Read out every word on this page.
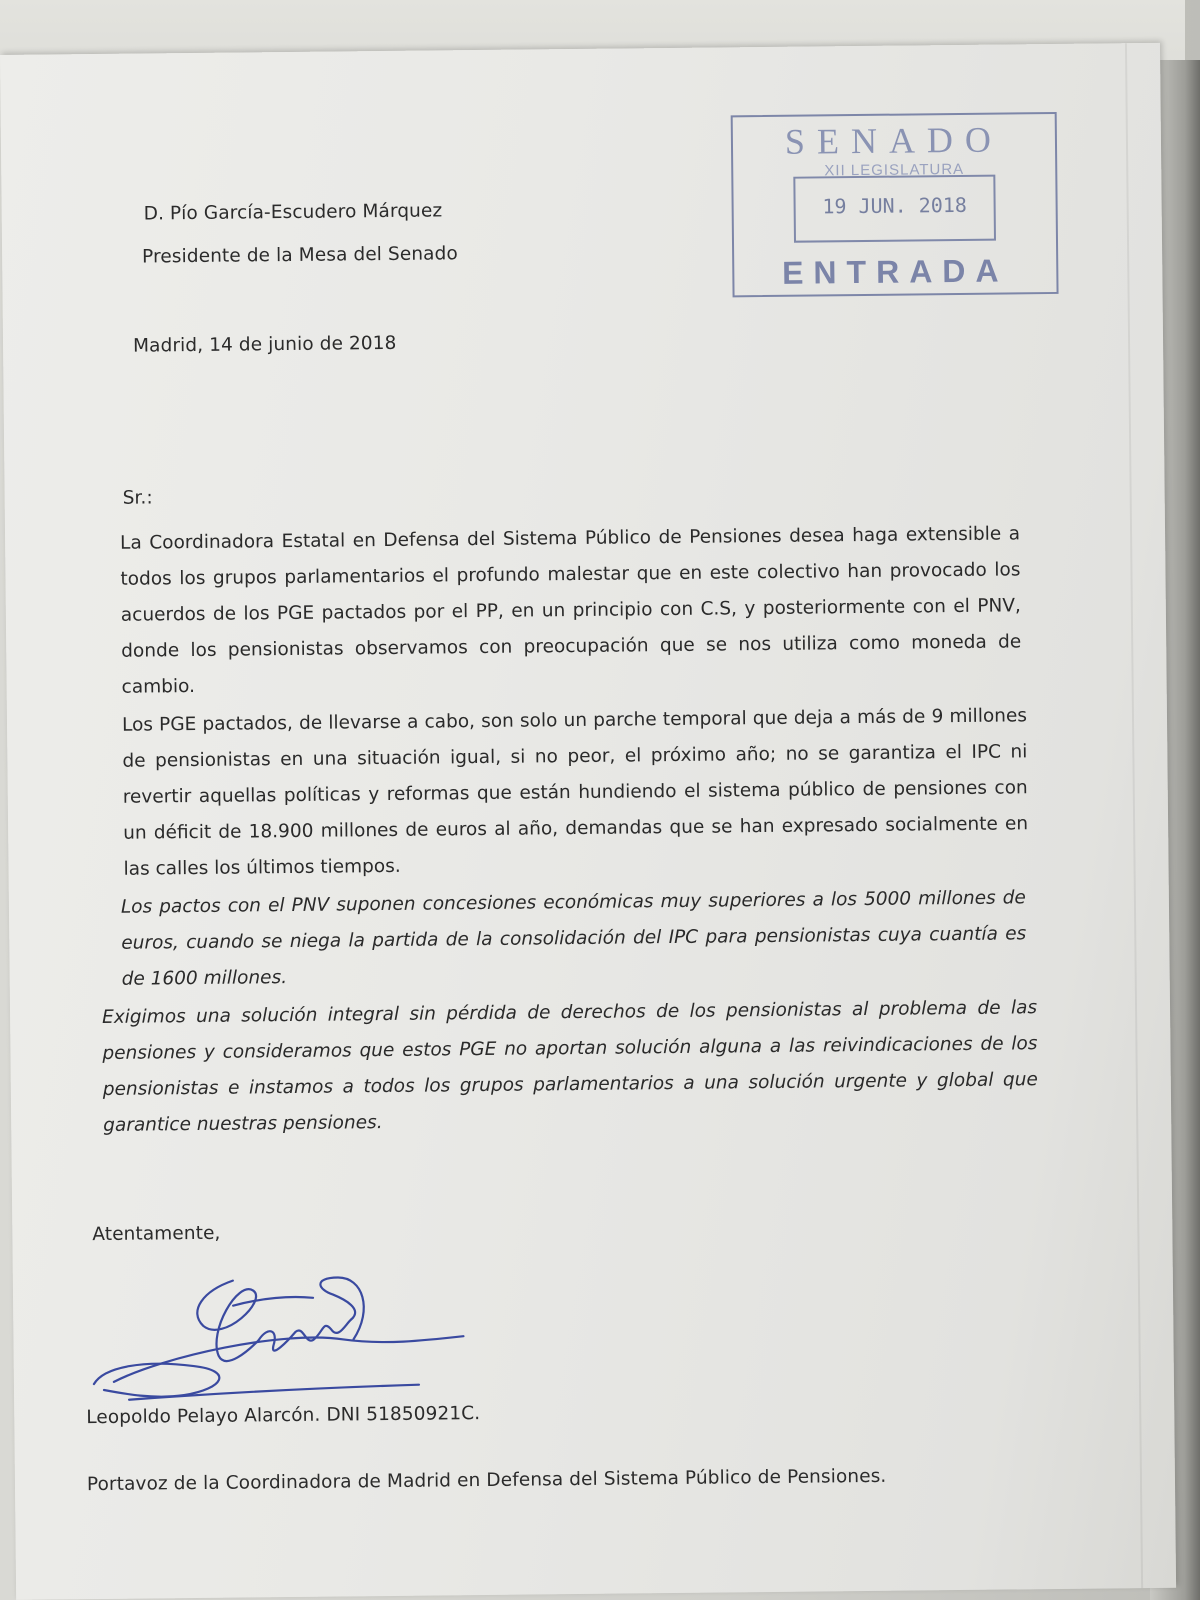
D. Pío García-Escudero Márquez
Presidente de la Mesa del Senado
SENADO
XII LEGISLATURA
19 JUN. 2018
ENTRADA
Madrid, 14 de junio de 2018
Sr.:
La Coordinadora Estatal en Defensa del Sistema Público de Pensiones desea haga extensible a todos los grupos parlamentarios el profundo malestar que en este colectivo han provocado los acuerdos de los PGE pactados por el PP, en un principio con C.S, y posteriormente con el PNV, donde los pensionistas observamos con preocupación que se nos utiliza como moneda de cambio.
Los PGE pactados, de llevarse a cabo, son solo un parche temporal que deja a más de 9 millones de pensionistas en una situación igual, si no peor, el próximo año; no se garantiza el IPC ni revertir aquellas políticas y reformas que están hundiendo el sistema público de pensiones con un déficit de 18.900 millones de euros al año, demandas que se han expresado socialmente en las calles los últimos tiempos.
Los pactos con el PNV suponen concesiones económicas muy superiores a los 5000 millones de euros, cuando se niega la partida de la consolidación del IPC para pensionistas cuya cuantía es de 1600 millones.
Exigimos una solución integral sin pérdida de derechos de los pensionistas al problema de las pensiones y consideramos que estos PGE no aportan solución alguna a las reivindicaciones de los pensionistas e instamos a todos los grupos parlamentarios a una solución urgente y global que garantice nuestras pensiones.
Atentamente,
Leopoldo Pelayo Alarcón. DNI 51850921C.
Portavoz de la Coordinadora de Madrid en Defensa del Sistema Público de Pensiones.
